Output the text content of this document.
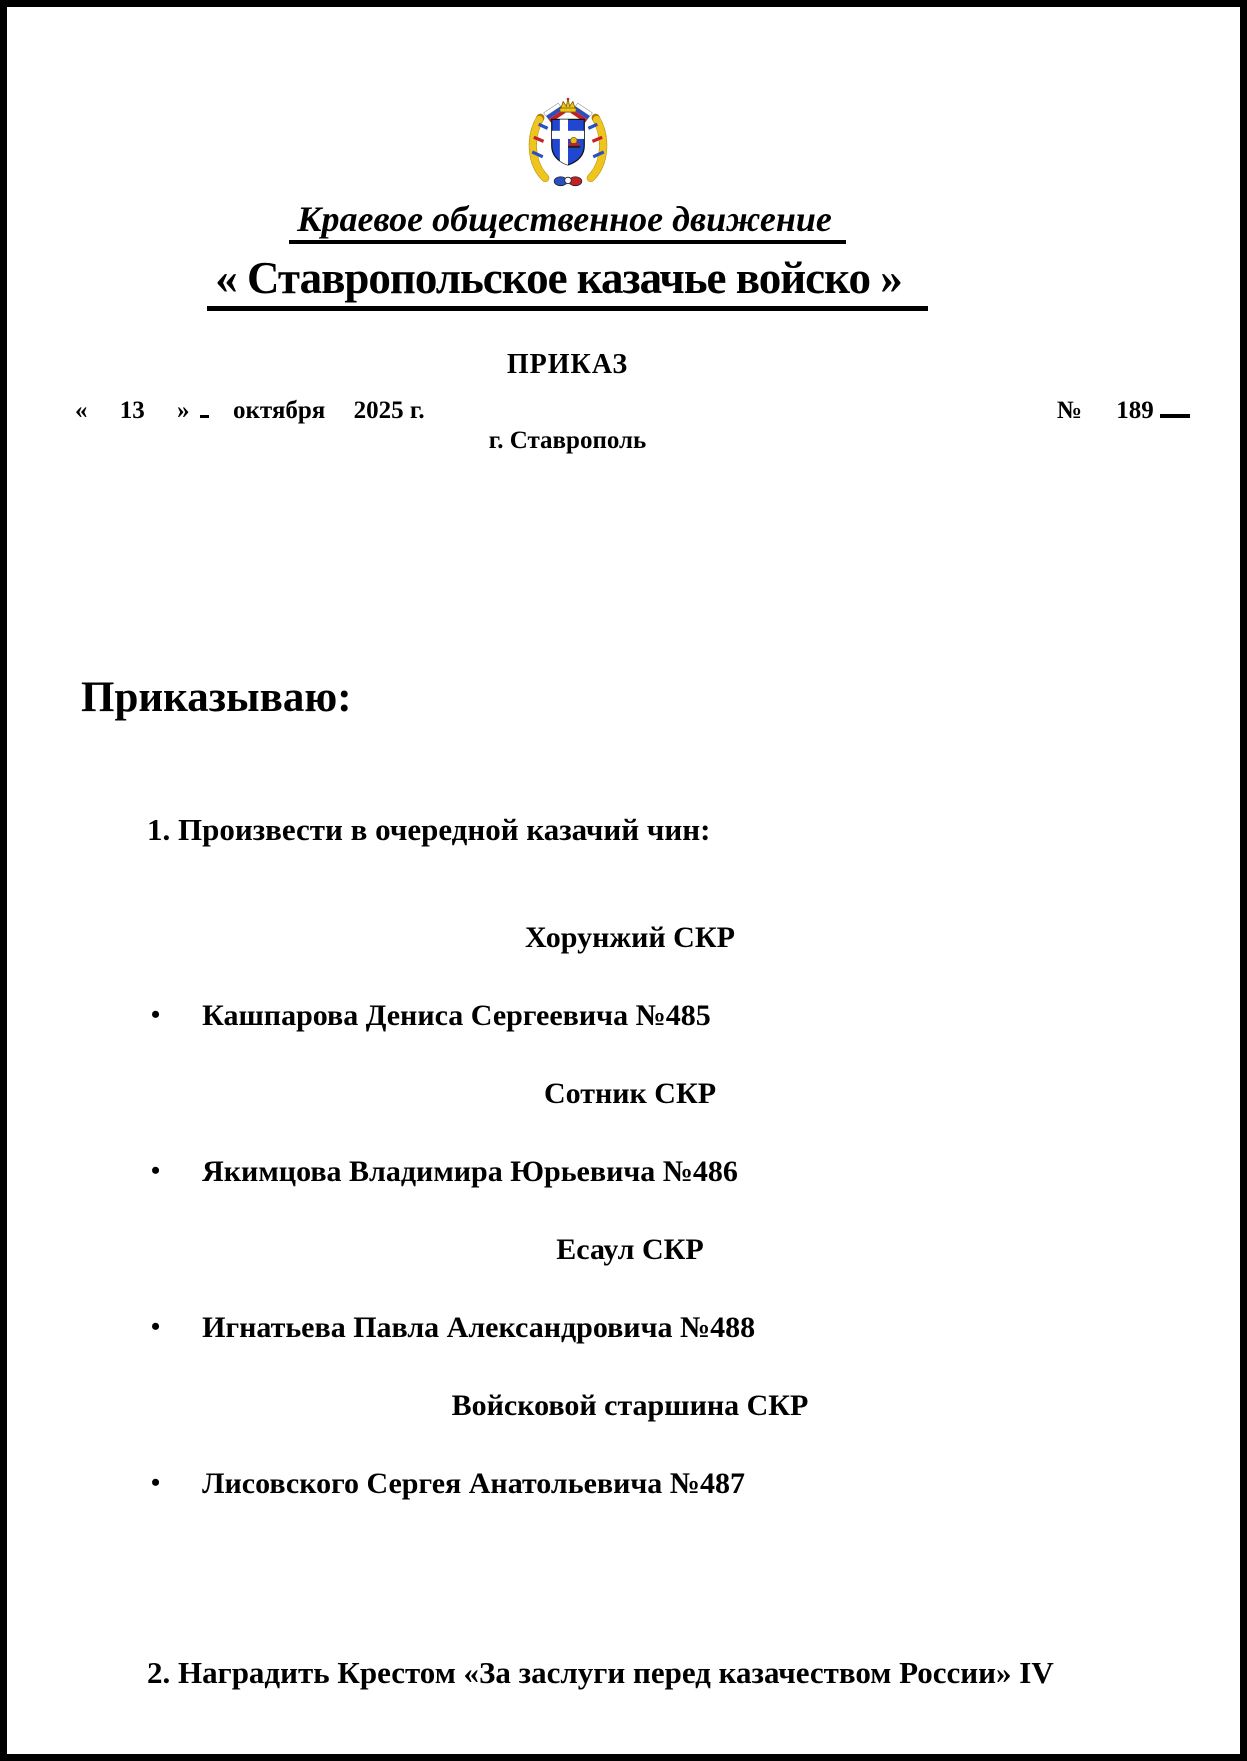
Краевое общественное движение
« Ставропольское казачье войско »
ПРИКАЗ
« 13 » октября 2025 г.	№ 189
г. Ставрополь
Приказываю:
1. Произвести в очередной казачий чин:
Хорунжий СКР
• Кашпарова Дениса Сергеевича №485
Сотник СКР
• Якимцова Владимира Юрьевича №486
Есаул СКР
• Игнатьева Павла Александровича №488
Войсковой старшина СКР
• Лисовского Сергея Анатольевича №487
2. Наградить Крестом «За заслуги перед казачеством России» IV
